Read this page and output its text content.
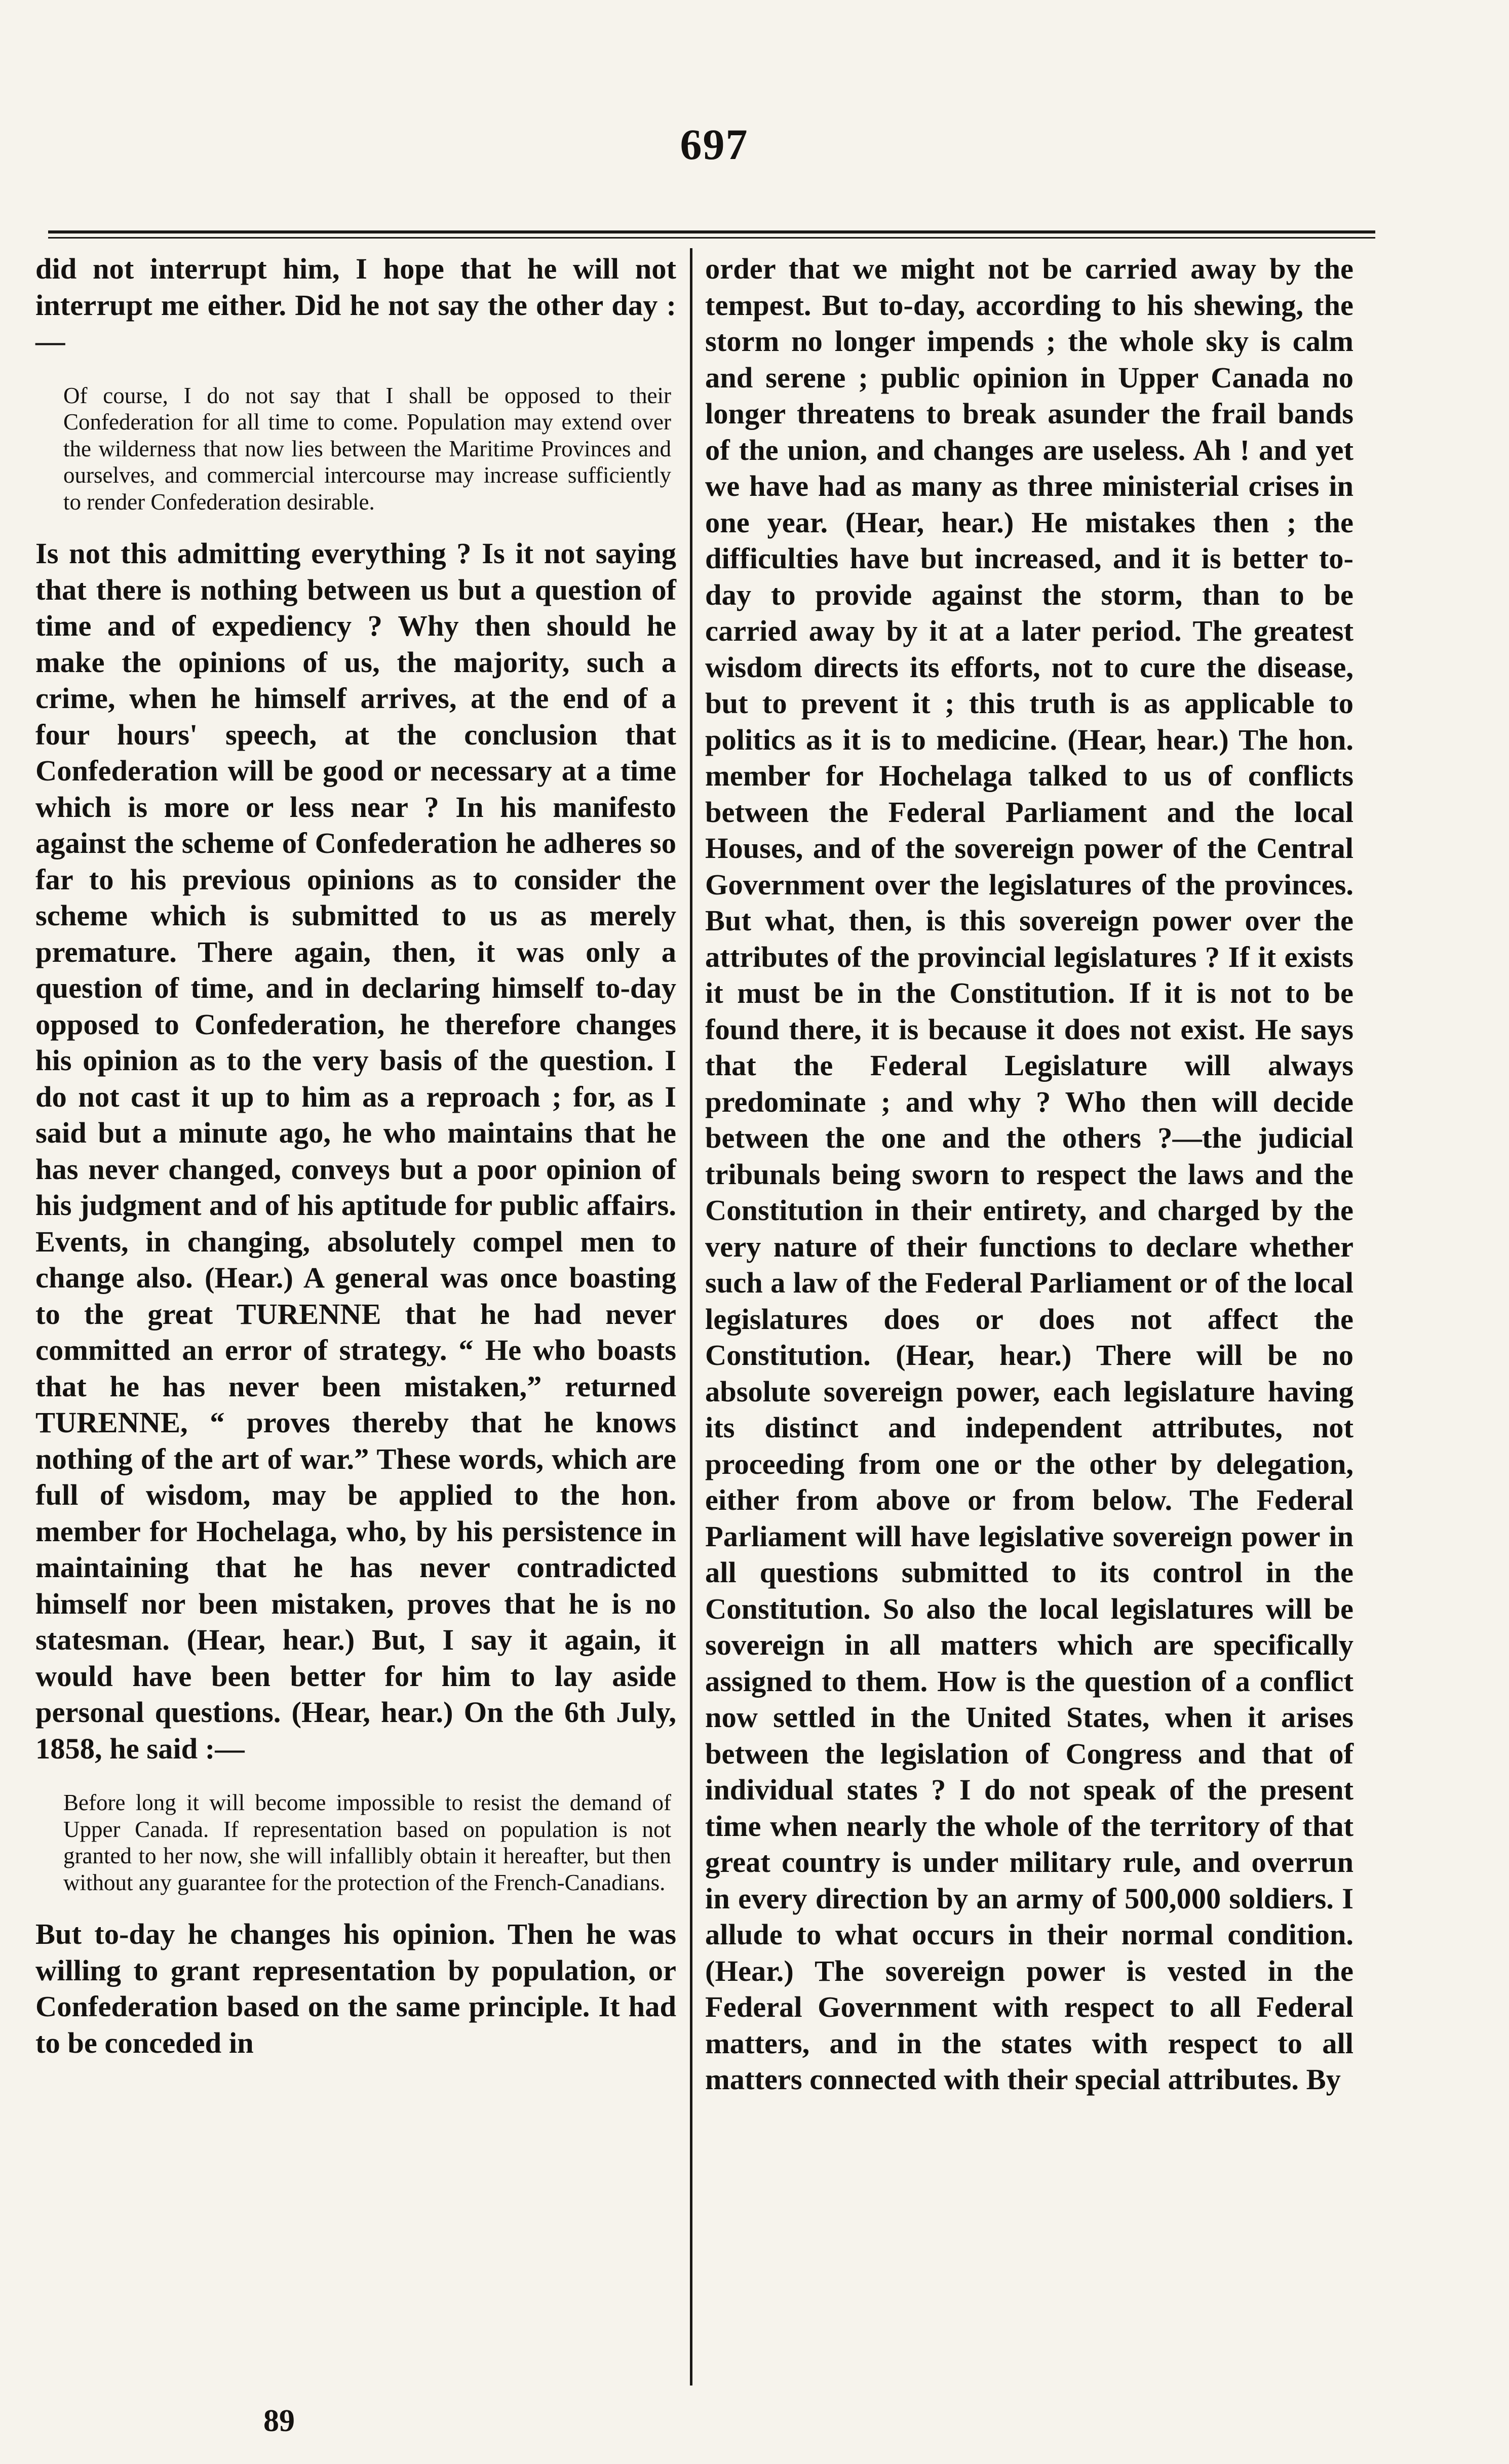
697

did not interrupt him, I hope that he will not interrupt me either. Did he not say the other day :—

Of course, I do not say that I shall be opposed to their Confederation for all time to come. Population may extend over the wilderness that now lies between the Maritime Provinces and ourselves, and commercial intercourse may increase sufficiently to render Confederation desirable.

Is not this admitting everything ? Is it not saying that there is nothing between us but a question of time and of expediency ? Why then should he make the opinions of us, the majority, such a crime, when he himself arrives, at the end of a four hours' speech, at the conclusion that Confederation will be good or necessary at a time which is more or less near ? In his manifesto against the scheme of Confederation he adheres so far to his previous opinions as to consider the scheme which is submitted to us as merely premature. There again, then, it was only a question of time, and in declaring himself to-day opposed to Confederation, he therefore changes his opinion as to the very basis of the question. I do not cast it up to him as a reproach ; for, as I said but a minute ago, he who maintains that he has never changed, conveys but a poor opinion of his judgment and of his aptitude for public affairs. Events, in changing, absolutely compel men to change also. (Hear.) A general was once boasting to the great TURENNE that he had never committed an error of strategy. “ He who boasts that he has never been mistaken,” returned TURENNE, “ proves thereby that he knows nothing of the art of war.” These words, which are full of wisdom, may be applied to the hon. member for Hochelaga, who, by his persistence in maintaining that he has never contradicted himself nor been mistaken, proves that he is no statesman. (Hear, hear.) But, I say it again, it would have been better for him to lay aside personal questions. (Hear, hear.) On the 6th July, 1858, he said :—

Before long it will become impossible to resist the demand of Upper Canada. If representation based on population is not granted to her now, she will infallibly obtain it hereafter, but then without any guarantee for the protection of the French-Canadians.

But to-day he changes his opinion. Then he was willing to grant representation by population, or Confederation based on the same principle. It had to be conceded in

order that we might not be carried away by the tempest. But to-day, according to his shewing, the storm no longer impends ; the whole sky is calm and serene ; public opinion in Upper Canada no longer threatens to break asunder the frail bands of the union, and changes are useless. Ah ! and yet we have had as many as three ministerial crises in one year. (Hear, hear.) He mistakes then ; the difficulties have but increased, and it is better to-day to provide against the storm, than to be carried away by it at a later period. The greatest wisdom directs its efforts, not to cure the disease, but to prevent it ; this truth is as applicable to politics as it is to medicine. (Hear, hear.) The hon. member for Hochelaga talked to us of conflicts between the Federal Parliament and the local Houses, and of the sovereign power of the Central Government over the legislatures of the provinces. But what, then, is this sovereign power over the attributes of the provincial legislatures ? If it exists it must be in the Constitution. If it is not to be found there, it is because it does not exist. He says that the Federal Legislature will always predominate ; and why ? Who then will decide between the one and the others ?—the judicial tribunals being sworn to respect the laws and the Constitution in their entirety, and charged by the very nature of their functions to declare whether such a law of the Federal Parliament or of the local legislatures does or does not affect the Constitution. (Hear, hear.) There will be no absolute sovereign power, each legislature having its distinct and independent attributes, not proceeding from one or the other by delegation, either from above or from below. The Federal Parliament will have legislative sovereign power in all questions submitted to its control in the Constitution. So also the local legislatures will be sovereign in all matters which are specifically assigned to them. How is the question of a conflict now settled in the United States, when it arises between the legislation of Congress and that of individual states ? I do not speak of the present time when nearly the whole of the territory of that great country is under military rule, and overrun in every direction by an army of 500,000 soldiers. I allude to what occurs in their normal condition. (Hear.) The sovereign power is vested in the Federal Government with respect to all Federal matters, and in the states with respect to all matters connected with their special attributes. By

89
